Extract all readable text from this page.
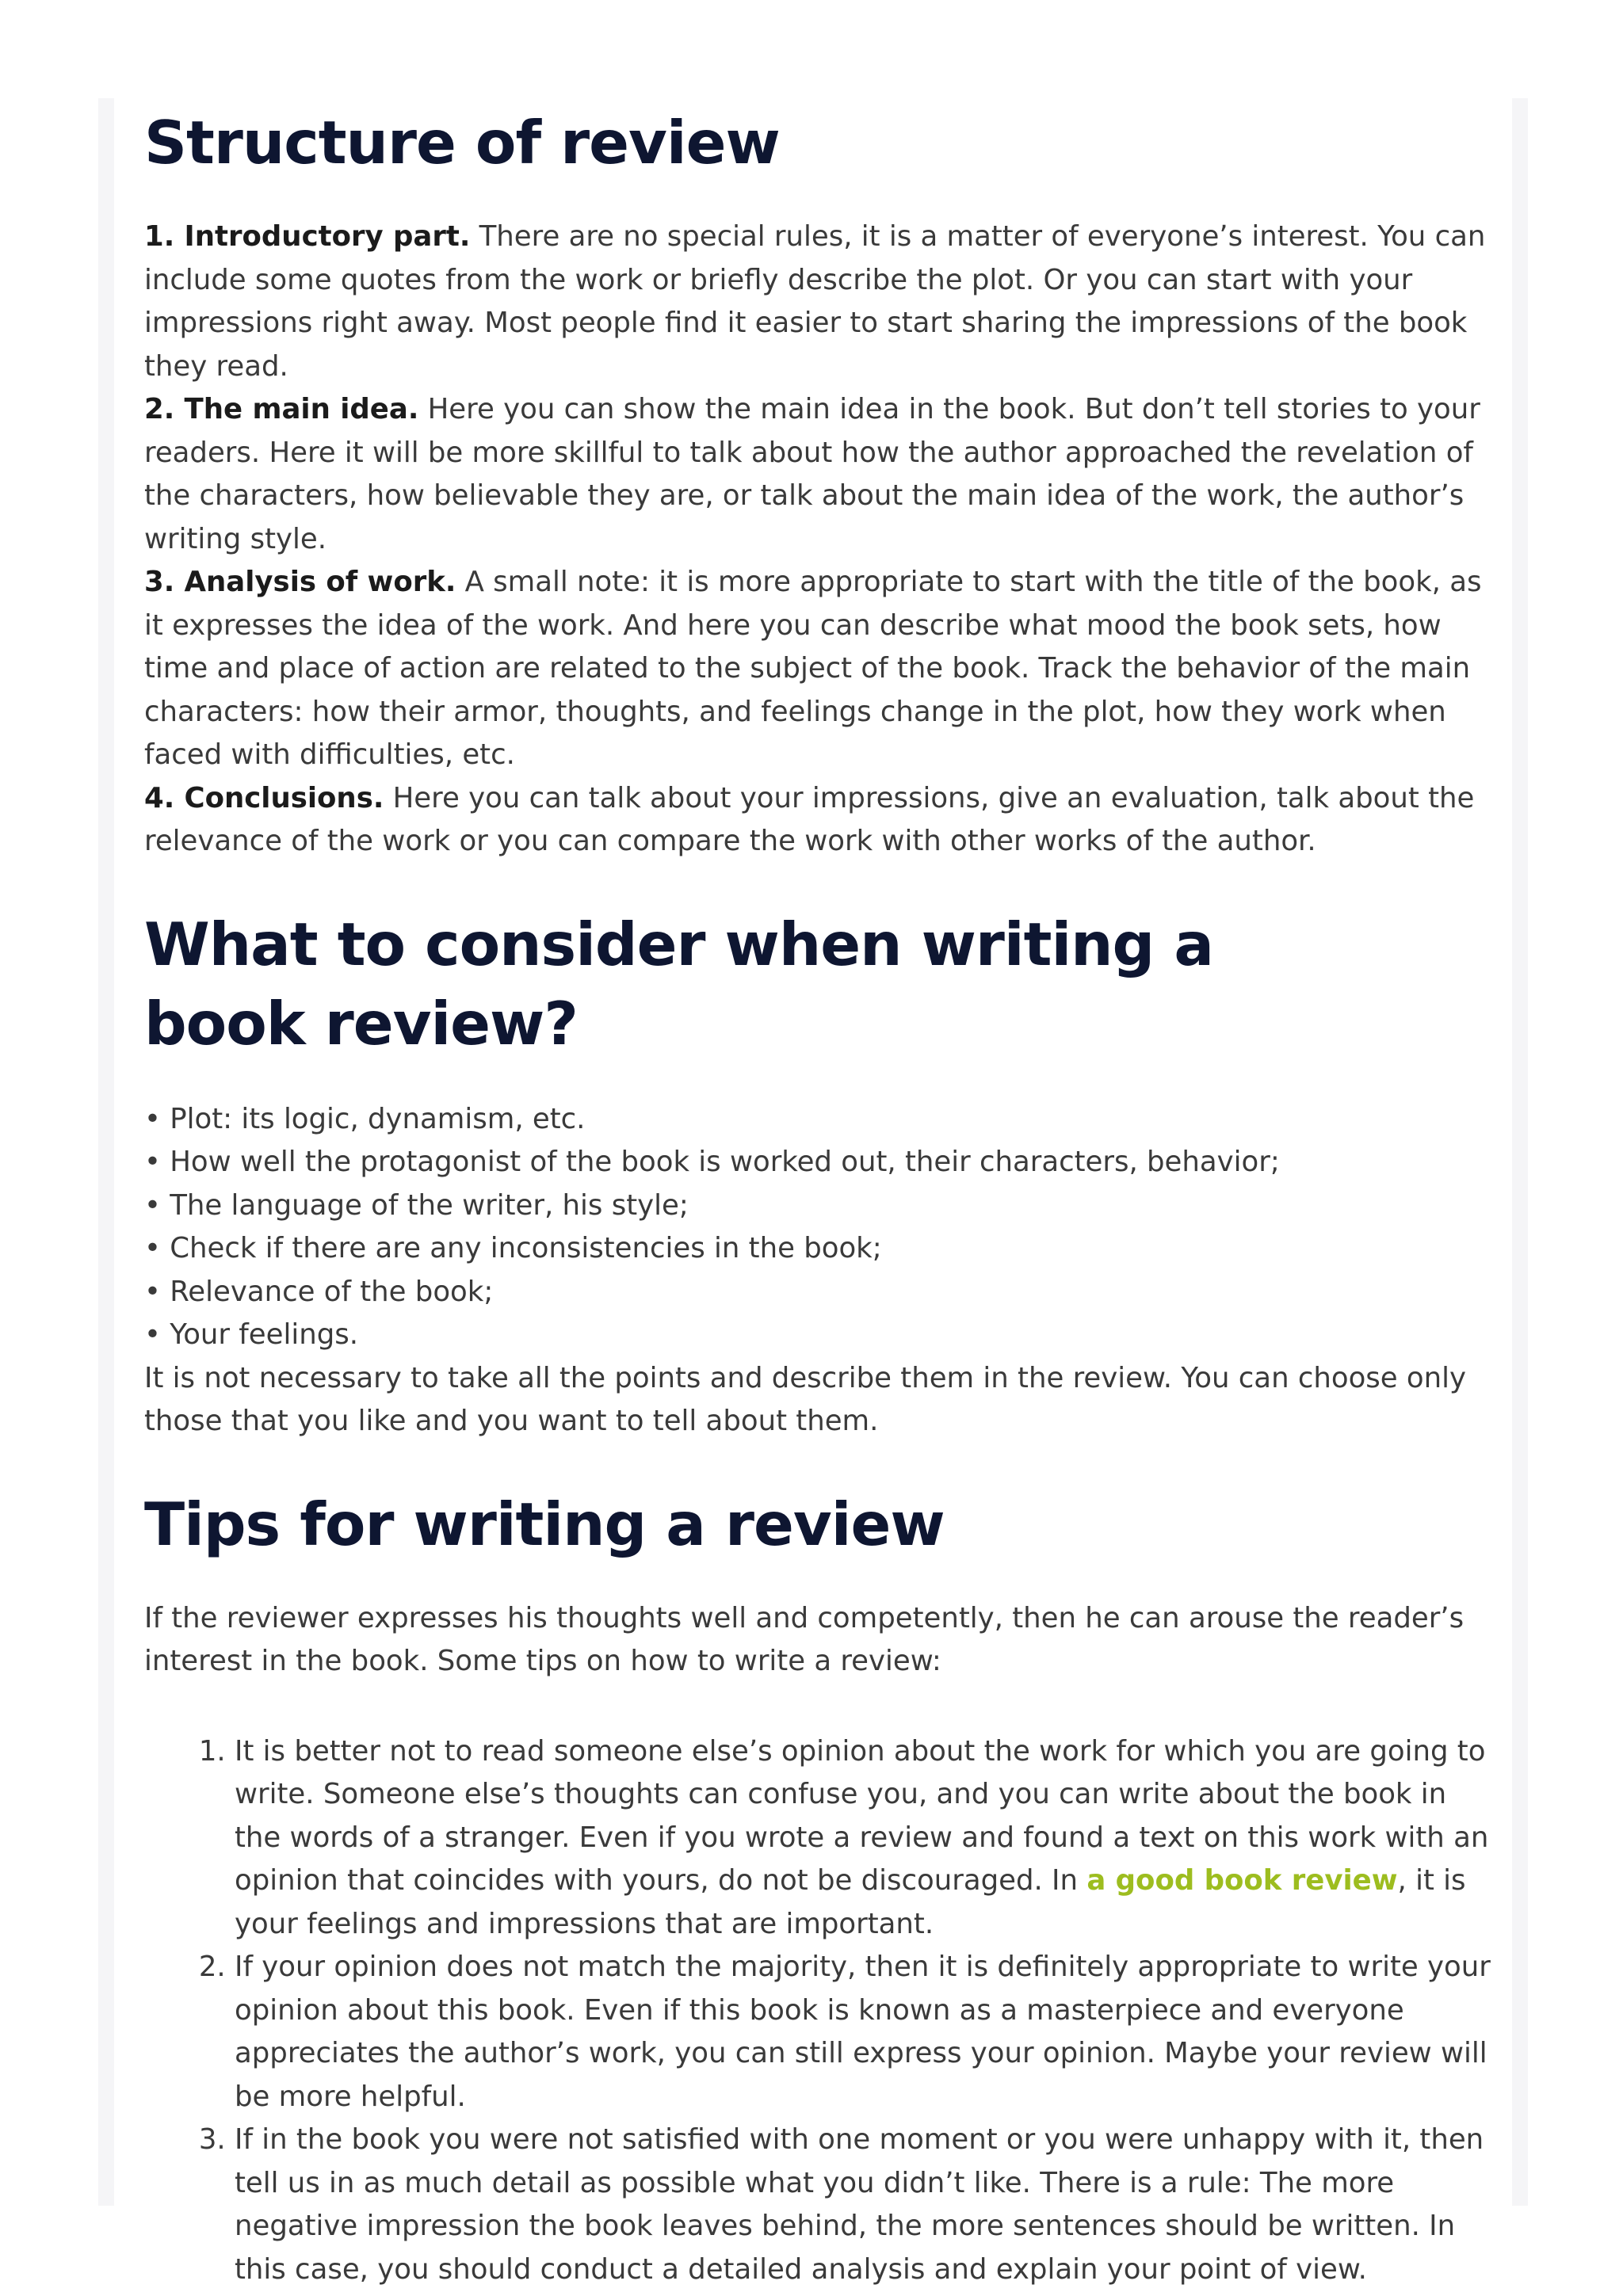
Structure of review

1. Introductory part. There are no special rules, it is a matter of everyone’s interest. You can include some quotes from the work or briefly describe the plot. Or you can start with your impressions right away. Most people find it easier to start sharing the impressions of the book they read.

2. The main idea. Here you can show the main idea in the book. But don’t tell stories to your readers. Here it will be more skillful to talk about how the author approached the revelation of the characters, how believable they are, or talk about the main idea of the work, the author’s writing style.

3. Analysis of work. A small note: it is more appropriate to start with the title of the book, as it expresses the idea of the work. And here you can describe what mood the book sets, how time and place of action are related to the subject of the book. Track the behavior of the main characters: how their armor, thoughts, and feelings change in the plot, how they work when faced with difficulties, etc.

4. Conclusions. Here you can talk about your impressions, give an evaluation, talk about the relevance of the work or you can compare the work with other works of the author.

What to consider when writing a book review?

• Plot: its logic, dynamism, etc.

• How well the protagonist of the book is worked out, their characters, behavior;

• The language of the writer, his style;

• Check if there are any inconsistencies in the book;

• Relevance of the book;

• Your feelings.

It is not necessary to take all the points and describe them in the review. You can choose only those that you like and you want to tell about them.

Tips for writing a review

If the reviewer expresses his thoughts well and competently, then he can arouse the reader’s interest in the book. Some tips on how to write a review:

1. It is better not to read someone else’s opinion about the work for which you are going to write. Someone else’s thoughts can confuse you, and you can write about the book in the words of a stranger. Even if you wrote a review and found a text on this work with an opinion that coincides with yours, do not be discouraged. In a good book review, it is your feelings and impressions that are important.
2. If your opinion does not match the majority, then it is definitely appropriate to write your opinion about this book. Even if this book is known as a masterpiece and everyone appreciates the author’s work, you can still express your opinion. Maybe your review will be more helpful.
3. If in the book you were not satisfied with one moment or you were unhappy with it, then tell us in as much detail as possible what you didn’t like. There is a rule: The more negative impression the book leaves behind, the more sentences should be written. In this case, you should conduct a detailed analysis and explain your point of view.
